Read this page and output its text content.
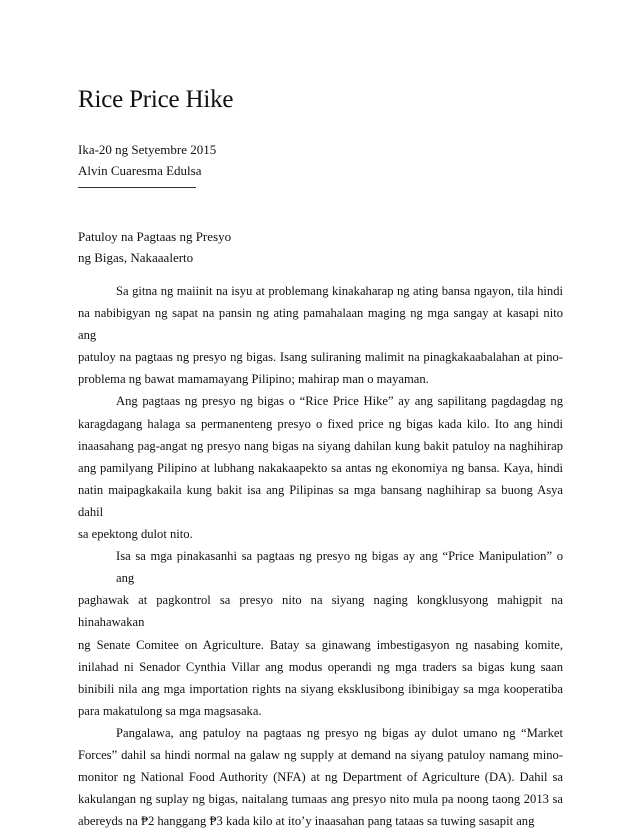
Rice Price Hike
Ika-20 ng Setyembre 2015
Alvin Cuaresma Edulsa
Patuloy na Pagtaas ng Presyo
ng Bigas, Nakaaalerto

Sa gitna ng maiinit na isyu at problemang kinakaharap ng ating bansa ngayon, tila hindi
na nabibigyan ng sapat na pansin ng ating pamahalaan maging ng mga sangay at kasapi nito ang
patuloy na pagtaas ng presyo ng bigas. Isang suliraning malimit na pinagkakaabalahan at pino-
problema ng bawat mamamayang Pilipino; mahirap man o mayaman.

Ang pagtaas ng presyo ng bigas o “Rice Price Hike” ay ang sapilitang pagdagdag ng
karagdagang halaga sa permanenteng presyo o fixed price ng bigas kada kilo. Ito ang hindi
inaasahang pag-angat ng presyo nang bigas na siyang dahilan kung bakit patuloy na naghihirap
ang pamilyang Pilipino at lubhang nakakaapekto sa antas ng ekonomiya ng bansa. Kaya, hindi
natin maipagkakaila kung bakit isa ang Pilipinas sa mga bansang naghihirap sa buong Asya dahil
sa epektong dulot nito.

Isa sa mga pinakasanhi sa pagtaas ng presyo ng bigas ay ang “Price Manipulation” o ang
paghawak at pagkontrol sa presyo nito na siyang naging kongklusyong mahigpit na hinahawakan
ng Senate Comitee on Agriculture. Batay sa ginawang imbestigasyon ng nasabing komite,
inilahad ni Senador Cynthia Villar ang modus operandi ng mga traders sa bigas kung saan
binibili nila ang mga importation rights na siyang eksklusibong ibinibigay sa mga kooperatiba
para makatulong sa mga magsasaka.

Pangalawa, ang patuloy na pagtaas ng presyo ng bigas ay dulot umano ng “Market
Forces” dahil sa hindi normal na galaw ng supply at demand na siyang patuloy namang mino-
monitor ng National Food Authority (NFA) at ng Department of Agriculture (DA). Dahil sa
kakulangan ng suplay ng bigas, naitalang tumaas ang presyo nito mula pa noong taong 2013 sa
abereyds na ₱2 hanggang ₱3 kada kilo at ito’y inaasahan pang tataas sa tuwing sasapit ang
